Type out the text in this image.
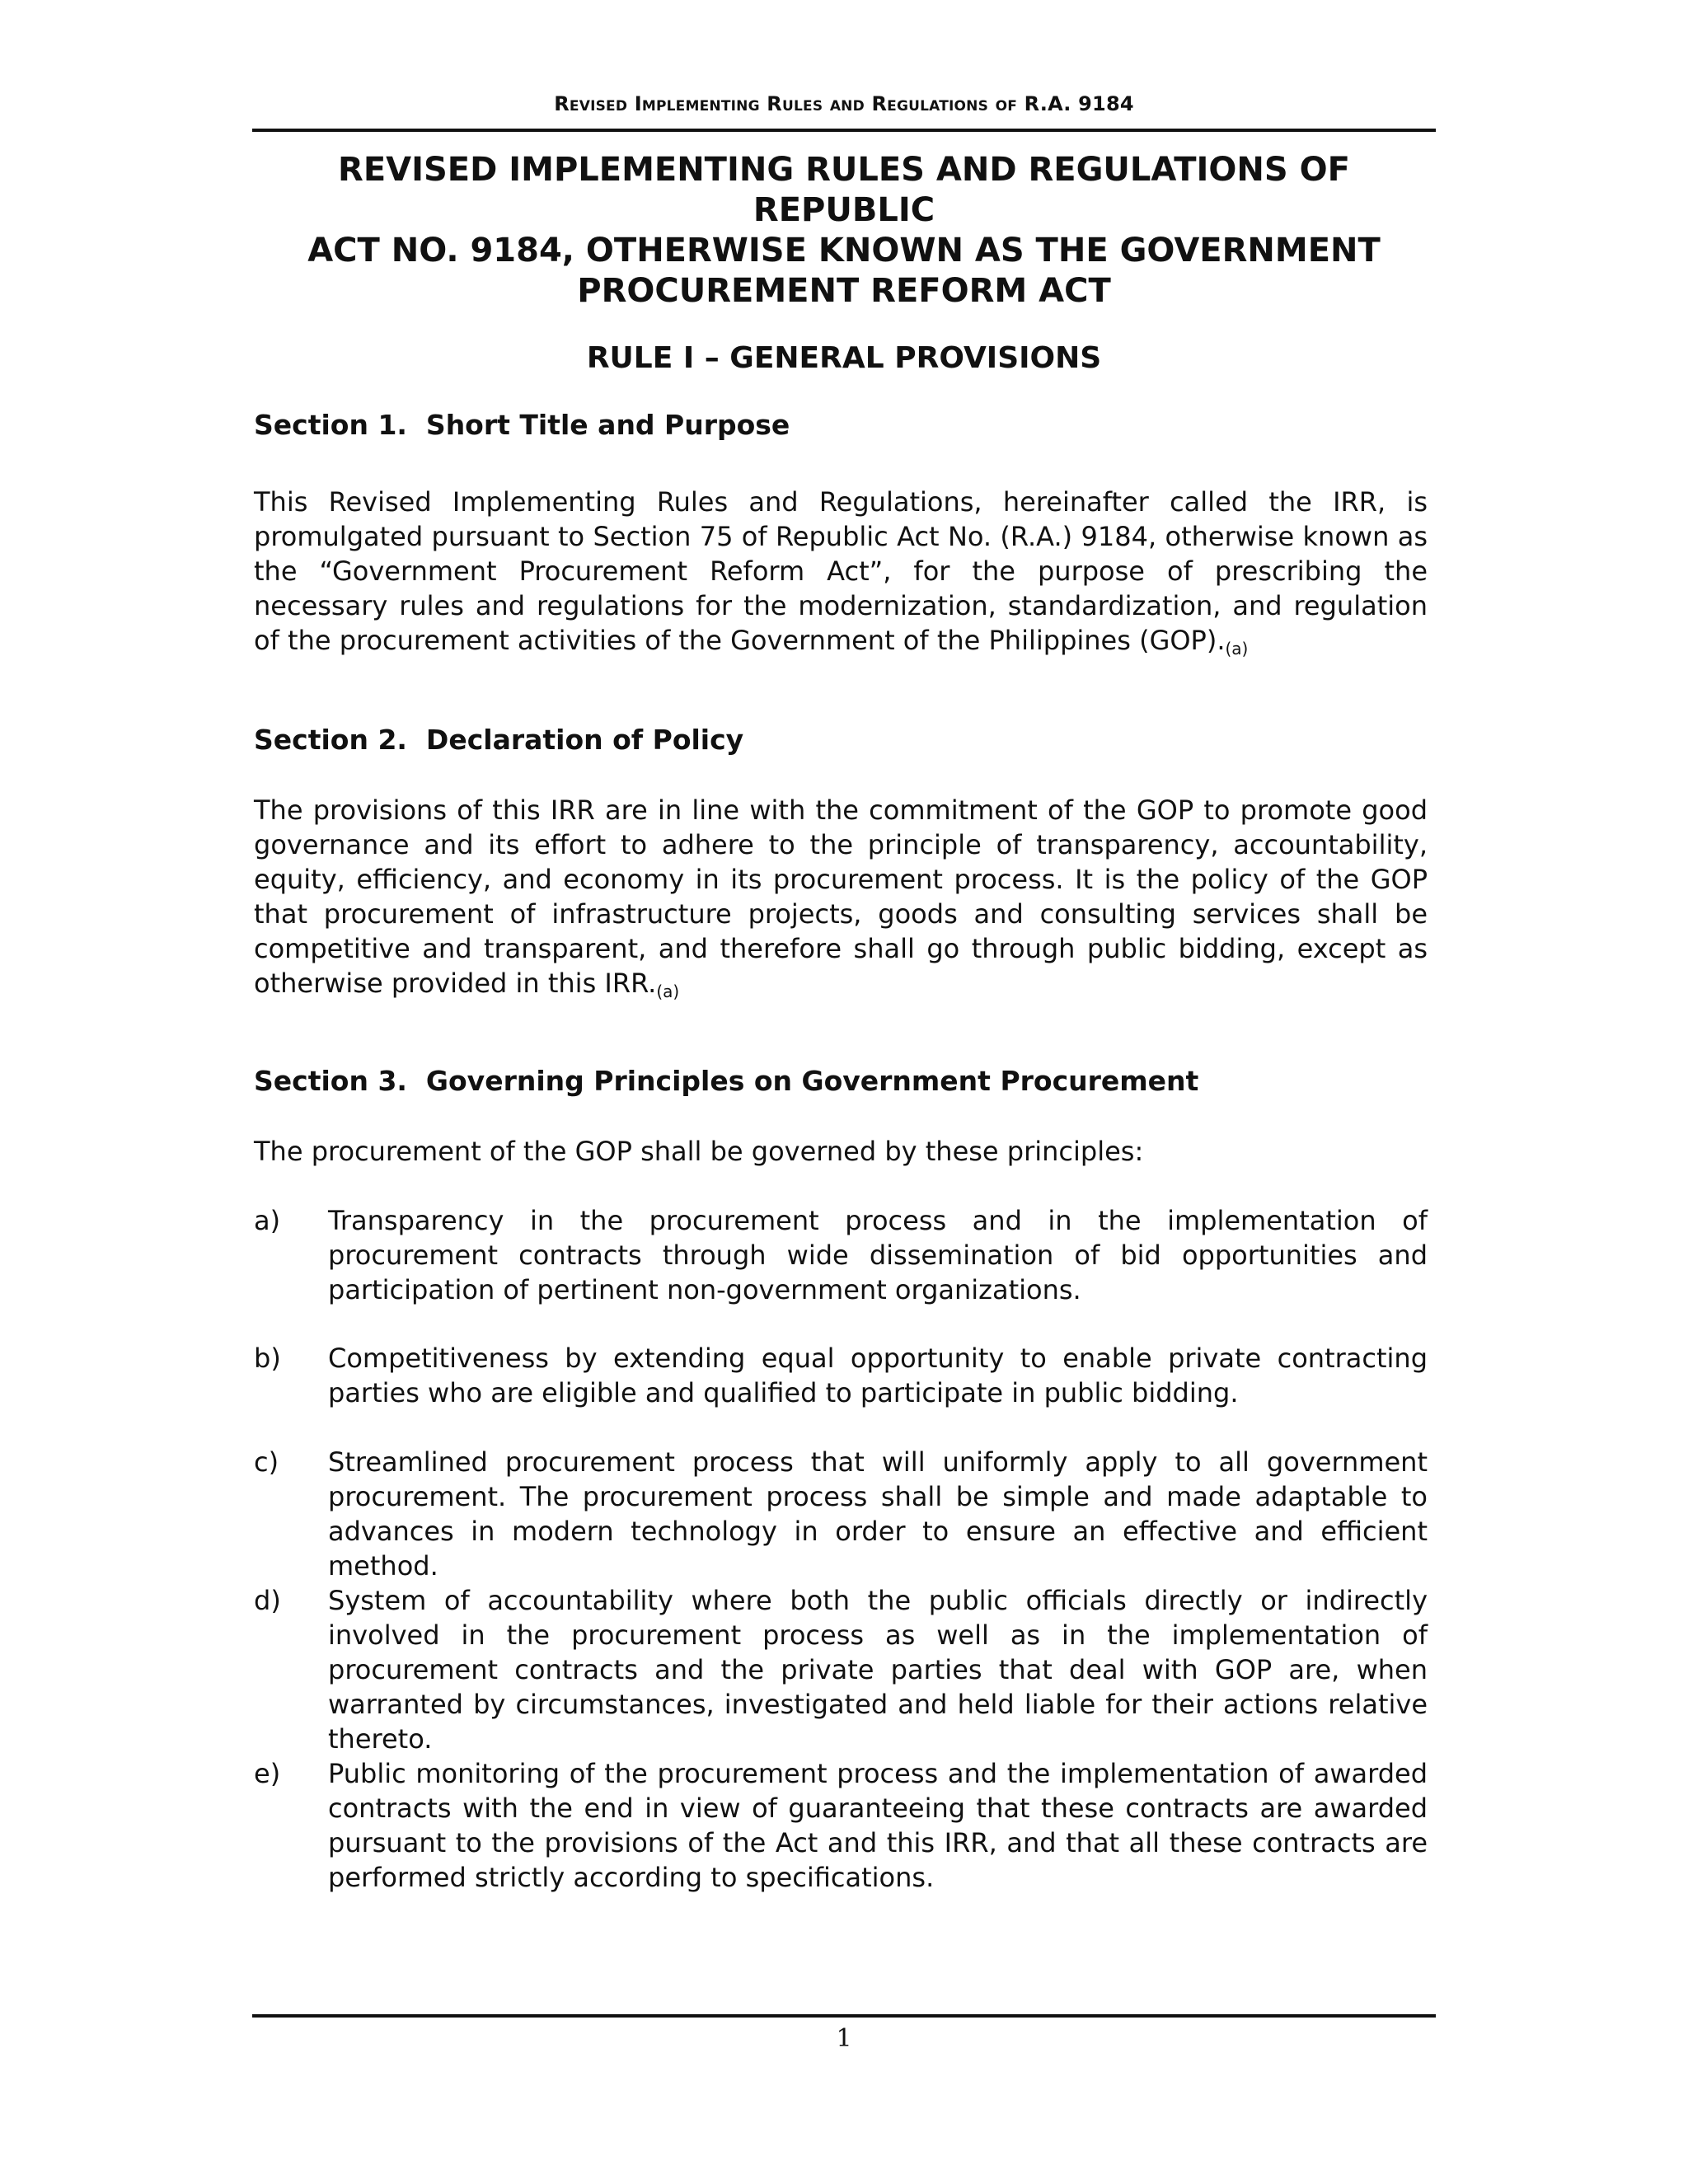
Revised Implementing Rules and Regulations of R.A. 9184
REVISED IMPLEMENTING RULES AND REGULATIONS OF REPUBLIC
ACT NO. 9184, OTHERWISE KNOWN AS THE GOVERNMENT
PROCUREMENT REFORM ACT
RULE I – GENERAL PROVISIONS
Section 1.  Short Title and Purpose

This Revised Implementing Rules and Regulations, hereinafter called the IRR, is promulgated pursuant to Section 75 of Republic Act No. (R.A.) 9184, otherwise known as the “Government Procurement Reform Act”, for the purpose of prescribing the necessary rules and regulations for the modernization, standardization, and regulation of the procurement activities of the Government of the Philippines $(GOP)._{(a)}$

Section 2.  Declaration of Policy

The provisions of this IRR are in line with the commitment of the GOP to promote good governance and its effort to adhere to the principle of transparency, accountability, equity, efficiency, and economy in its procurement process. It is the policy of the GOP that procurement of infrastructure projects, goods and consulting services shall be competitive and transparent, and therefore shall go through public bidding, except as otherwise provided in this $IRR._{(a)}$

Section 3.  Governing Principles on Government Procurement

The procurement of the GOP shall be governed by these principles:

a) Transparency in the procurement process and in the implementation of procurement contracts through wide dissemination of bid opportunities and participation of pertinent non-government organizations.

b) Competitiveness by extending equal opportunity to enable private contracting parties who are eligible and qualified to participate in public bidding.

c) Streamlined procurement process that will uniformly apply to all government procurement. The procurement process shall be simple and made adaptable to advances in modern technology in order to ensure an effective and efficient method.

d) System of accountability where both the public officials directly or indirectly involved in the procurement process as well as in the implementation of procurement contracts and the private parties that deal with GOP are, when warranted by circumstances, investigated and held liable for their actions relative thereto.

e) Public monitoring of the procurement process and the implementation of awarded contracts with the end in view of guaranteeing that these contracts are awarded pursuant to the provisions of the Act and this IRR, and that all these contracts are performed strictly according to specifications.

1
